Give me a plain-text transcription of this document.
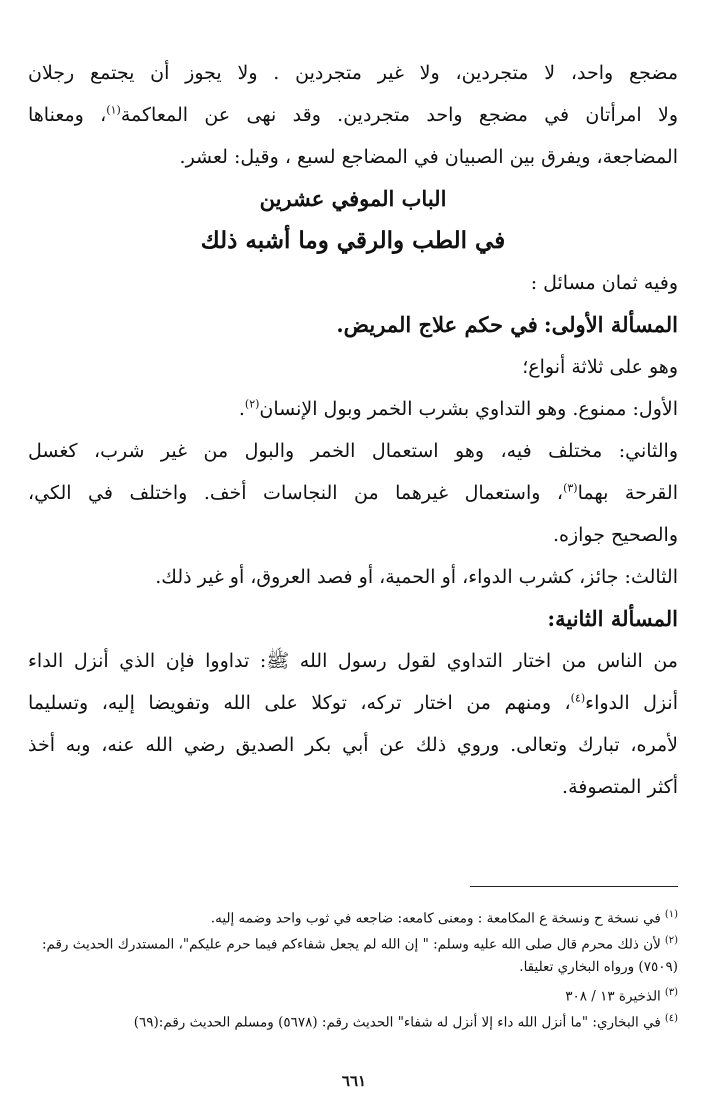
مضجع واحد، لا متجردين، ولا غير متجردين . ولا يجوز أن يجتمع رجلان
ولا امرأتان في مضجع واحد متجردين. وقد نهى عن المعاكمة$^{(١)}$، ومعناها
المضاجعة، ويفرق بين الصبيان في المضاجع لسبع ، وقيل: لعشر.
الباب الموفي عشرين
في الطب والرقي وما أشبه ذلك
وفيه ثمان مسائل :
المسألة الأولى: في حكم علاج المريض.
وهو على ثلاثة أنواع؛
الأول: ممنوع. وهو التداوي بشرب الخمر وبول الإنسان$^{(٢)}$.
والثاني: مختلف فيه، وهو استعمال الخمر والبول من غير شرب، كغسل
القرحة بهما$^{(٣)}$، واستعمال غيرهما من النجاسات أخف. واختلف في الكي،
والصحيح جوازه.
الثالث: جائز، كشرب الدواء، أو الحمية، أو فصد العروق، أو غير ذلك.
المسألة الثانية:
من الناس من اختار التداوي لقول رسول الله ﷺ: تداووا فإن الذي أنزل الداء
أنزل الدواء$^{(٤)}$، ومنهم من اختار تركه، توكلا على الله وتفويضا إليه، وتسليما
لأمره، تبارك وتعالى. وروي ذلك عن أبي بكر الصديق رضي الله عنه، وبه أخذ
أكثر المتصوفة.
$^{(١)}$في نسخة ح ونسخة ع المكامعة : ومعنى كامعه: ضاجعه في ثوب واحد وضمه إليه.
$^{(٢)}$لأن ذلك محرم قال صلى الله عليه وسلم: " إن الله لم يجعل شفاءكم فيما حرم عليكم"، المستدرك الحديث رقم:
(٧٥٠٩) ورواه البخاري تعليقا.
$^{(٣)}$الذخيرة ١٣ / ٣٠٨
$^{(٤)}$في البخاري: "ما أنزل الله داء إلا أنزل له شفاء" الحديث رقم: (٥٦٧٨) ومسلم الحديث رقم:(٦٩)
٦٦١
